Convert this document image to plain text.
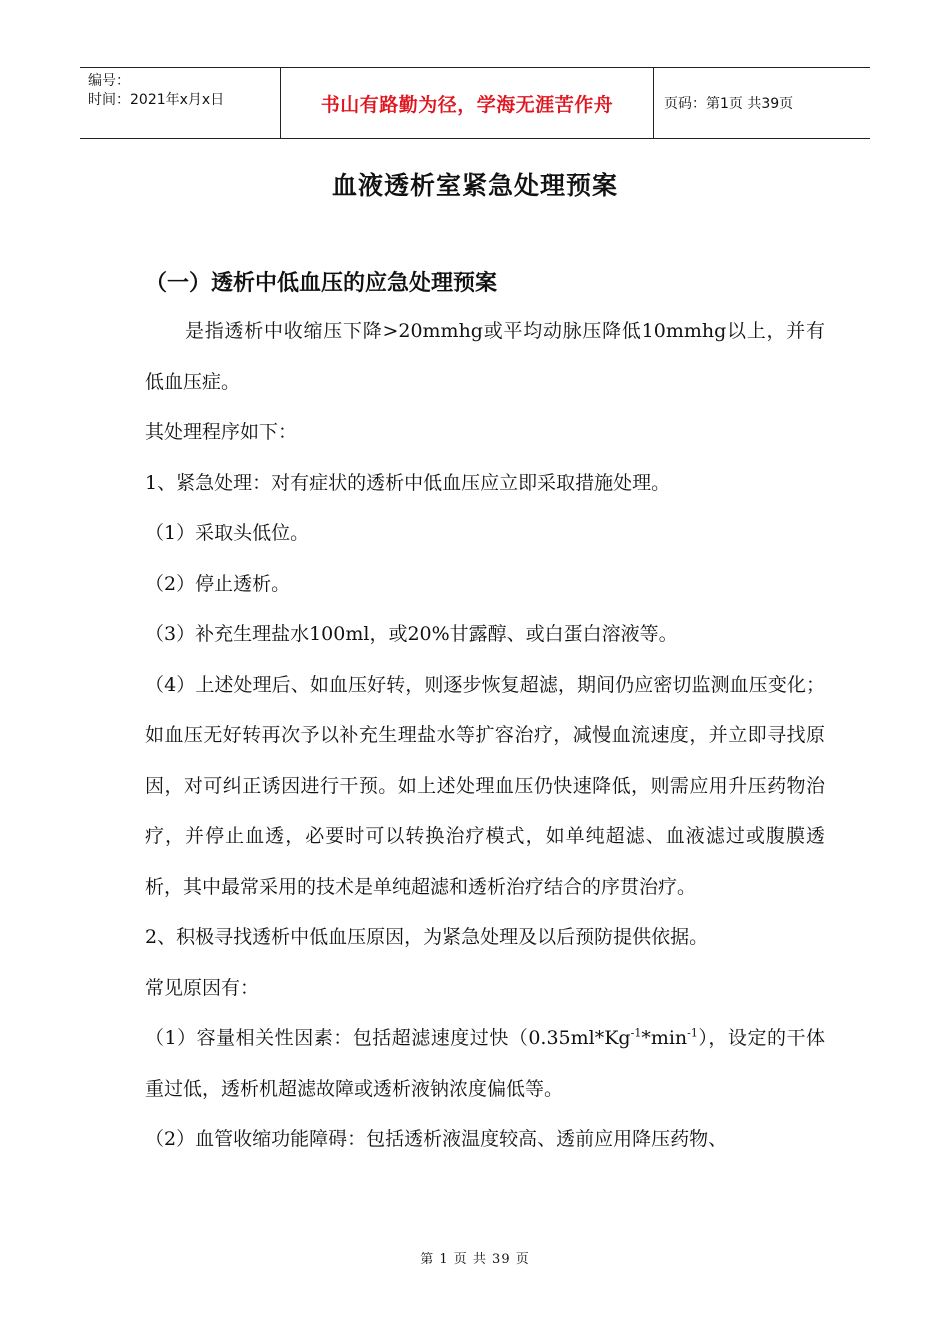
编号：
时间：2021年x月x日	书山有路勤为径，学海无涯苦作舟	页码：第1页 共39页
血液透析室紧急处理预案
（一）透析中低血压的应急处理预案

是指透析中收缩压下降>20mmhg或平均动脉压降低10mmhg以上，并有低血压症。

其处理程序如下：

1、紧急处理：对有症状的透析中低血压应立即采取措施处理。

（1）采取头低位。

（2）停止透析。

（3）补充生理盐水100ml，或20%甘露醇、或白蛋白溶液等。

（4）上述处理后、如血压好转，则逐步恢复超滤，期间仍应密切监测血压变化；如血压无好转再次予以补充生理盐水等扩容治疗，减慢血流速度，并立即寻找原因，对可纠正诱因进行干预。如上述处理血压仍快速降低，则需应用升压药物治疗，并停止血透，必要时可以转换治疗模式，如单纯超滤、血液滤过或腹膜透析，其中最常采用的技术是单纯超滤和透析治疗结合的序贯治疗。

2、积极寻找透析中低血压原因，为紧急处理及以后预防提供依据。

常见原因有：

（1）容量相关性因素：包括超滤速度过快$(0.35ml*Kg^{-1}*\min^{-1})$，设定的干体重过低，透析机超滤故障或透析液钠浓度偏低等。

（2）血管收缩功能障碍：包括透析液温度较高、透前应用降压药物、

第 1 页 共 39 页
